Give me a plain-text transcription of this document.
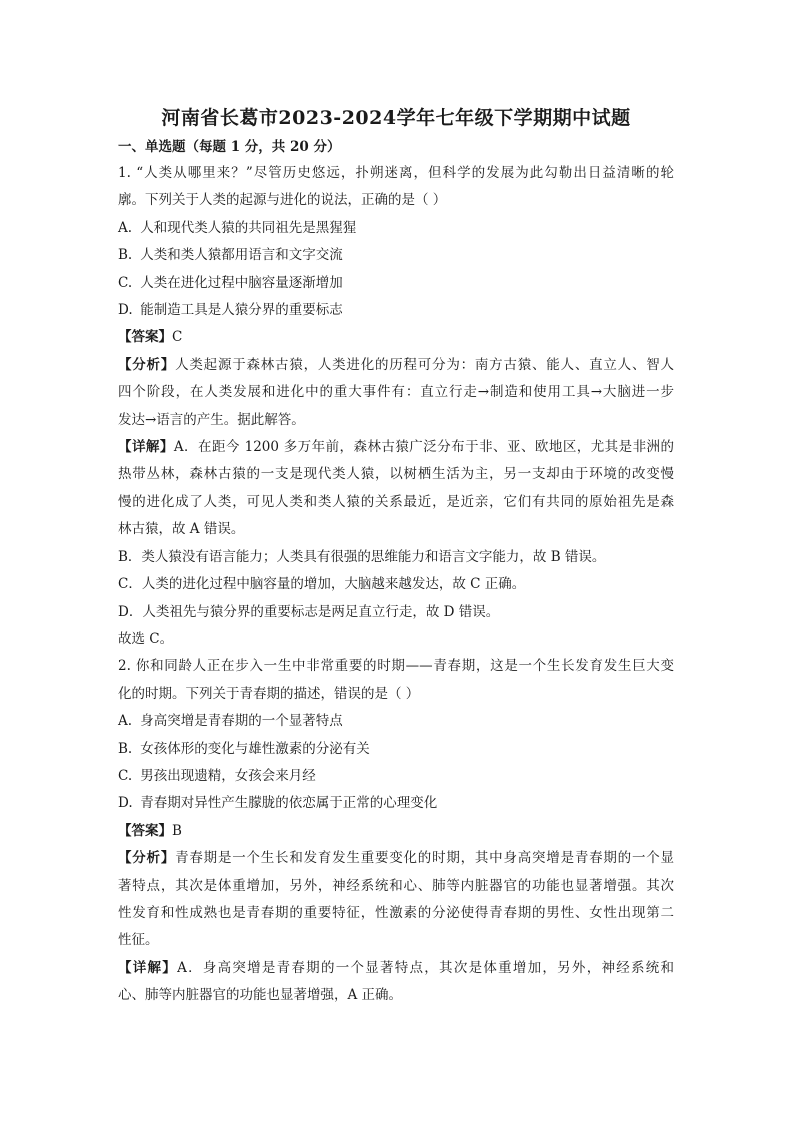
河南省长葛市2023-2024学年七年级下学期期中试题

一、单选题（每题 1 分，共 20 分）

1. “人类从哪里来？”尽管历史悠远，扑朔迷离，但科学的发展为此勾勒出日益清晰的轮

廓。下列关于人类的起源与进化的说法，正确的是（ ）

A. 人和现代类人猿的共同祖先是黑猩猩

B. 人类和类人猿都用语言和文字交流

C. 人类在进化过程中脑容量逐渐增加

D. 能制造工具是人猿分界的重要标志

【答案】C

【分析】人类起源于森林古猿，人类进化的历程可分为：南方古猿、能人、直立人、智人

四个阶段，在人类发展和进化中的重大事件有：直立行走→制造和使用工具→大脑进一步

发达→语言的产生。据此解答。

【详解】A．在距今 1200 多万年前，森林古猿广泛分布于非、亚、欧地区，尤其是非洲的

热带丛林，森林古猿的一支是现代类人猿，以树栖生活为主，另一支却由于环境的改变慢

慢的进化成了人类，可见人类和类人猿的关系最近，是近亲，它们有共同的原始祖先是森

林古猿，故 A 错误。

B．类人猿没有语言能力；人类具有很强的思维能力和语言文字能力，故 B 错误。

C．人类的进化过程中脑容量的增加，大脑越来越发达，故 C 正确。

D．人类祖先与猿分界的重要标志是两足直立行走，故 D 错误。

故选 C。

2. 你和同龄人正在步入一生中非常重要的时期——青春期，这是一个生长发育发生巨大变

化的时期。下列关于青春期的描述，错误的是（ ）

A. 身高突增是青春期的一个显著特点

B. 女孩体形的变化与雄性激素的分泌有关

C. 男孩出现遗精，女孩会来月经

D. 青春期对异性产生朦胧的依恋属于正常的心理变化

【答案】B

【分析】青春期是一个生长和发育发生重要变化的时期，其中身高突增是青春期的一个显

著特点，其次是体重增加，另外，神经系统和心、肺等内脏器官的功能也显著增强。其次

性发育和性成熟也是青春期的重要特征，性激素的分泌使得青春期的男性、女性出现第二

性征。

【详解】A．身高突增是青春期的一个显著特点，其次是体重增加，另外，神经系统和

心、肺等内脏器官的功能也显著增强，A 正确。
